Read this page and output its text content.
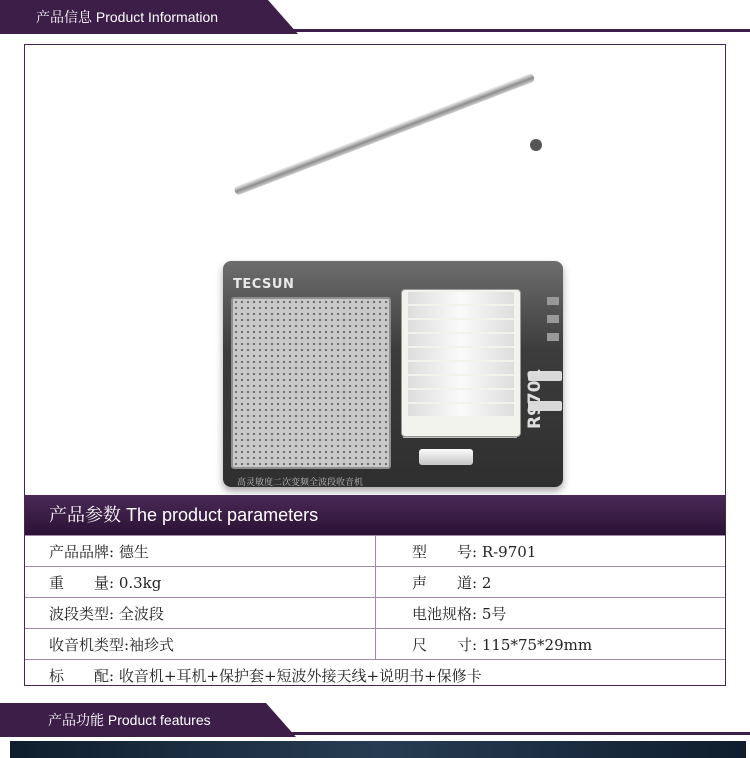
产品信息 Product Information
TECSUN
高灵敏度二次变频全波段收音机
R9701
产品参数 The product parameters
产品品牌: 德生	型　　号: R-9701
重　　量: 0.3kg	声　　道: 2
波段类型: 全波段	电池规格: 5号
收音机类型:袖珍式	尺　　寸: 115*75*29mm
标　　配: 收音机+耳机+保护套+短波外接天线+说明书+保修卡	
产品功能 Product features
